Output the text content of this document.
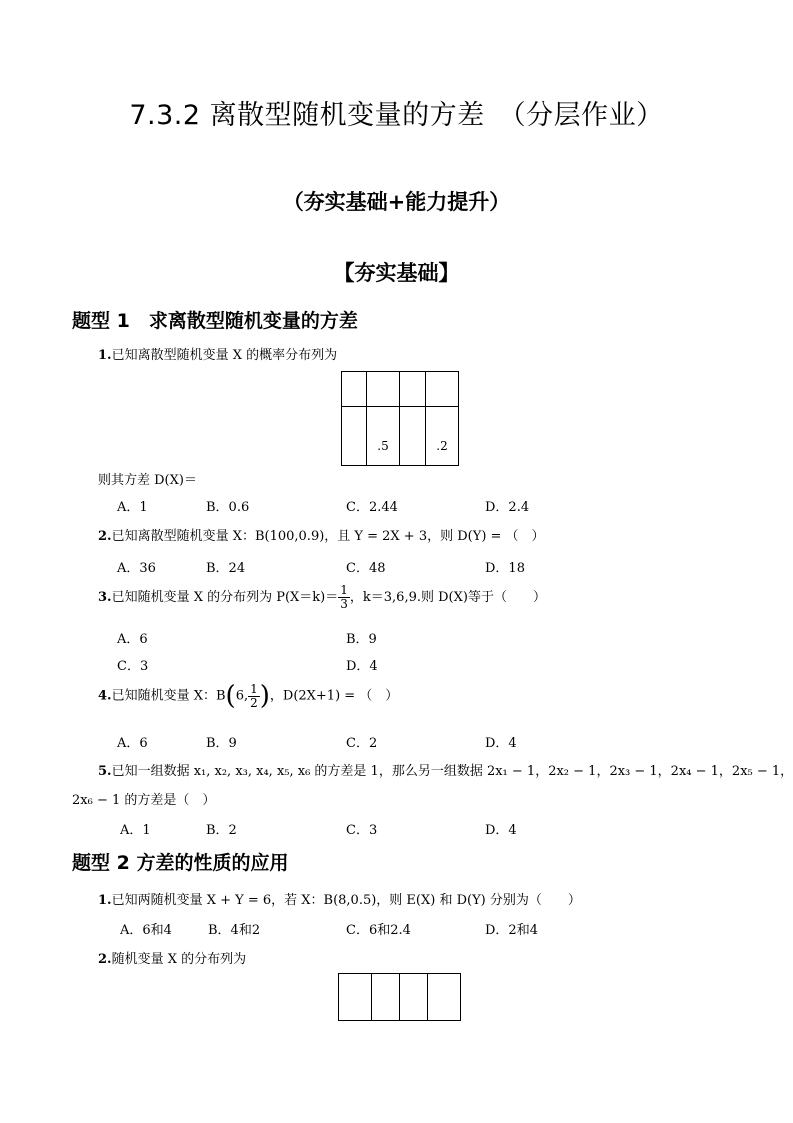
7.3.2 离散型随机变量的方差　（分层作业）
（夯实基础+能力提升）
【夯实基础】
题型 1　求离散型随机变量的方差
1.已知离散型随机变量 X 的概率分布列为

	.5		.2
则其方差 D(X)＝
A．1	B．0.6	C．2.44	D．2.4
2.已知离散型随机变量 X：B(100,0.9)，且 Y = 2X + 3，则 D(Y) = （　）
A．36	B．24	C．48	D．18
3.已知随机变量 X 的分布列为 $P(X=k)= \frac{1}{3}$ ，k＝3,6,9.则 D(X)等于（　　）
A．6	B．9
C．3	D．4
4.已知随机变量 X：B(6, $\frac{1}{2}$ )，D(2X+1) = （　）
A．6	B．9	C．2	D．4
5.已知一组数据 x₁, x₂, x₃, x₄, x₅, x₆ 的方差是 1，那么另一组数据 2x₁ − 1，2x₂ − 1，2x₃ − 1，2x₄ − 1，2x₅ − 1，
2x₆ − 1 的方差是（　）
A．1	B．2	C．3	D．4
题型 2 方差的性质的应用
1.已知两随机变量 X + Y = 6，若 X：B(8,0.5)，则 E(X) 和 D(Y) 分别为（　　）
A．6和4	B．4和2	C．6和2.4	D．2和4
2.随机变量 X 的分布列为
